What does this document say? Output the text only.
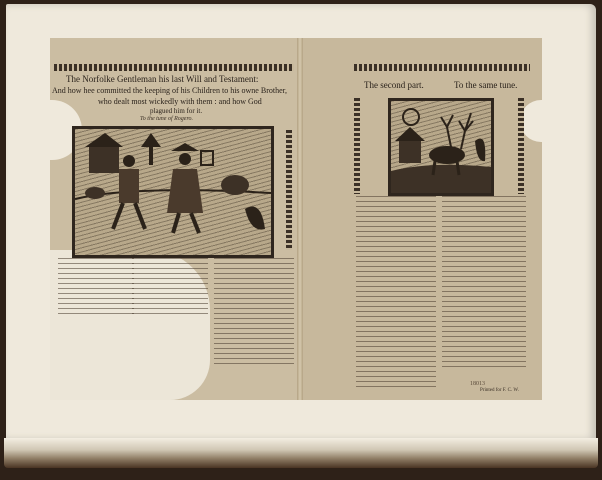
The Norfolke Gentleman his last Will and Testament:
And how hee committed the keeping of his Children to his owne Brother,
who dealt most wickedly with them : and how God
plagued him for it.
To the tune of Rogero.
The second part.	To the same tune.
Printed for F. C. W.
18013
